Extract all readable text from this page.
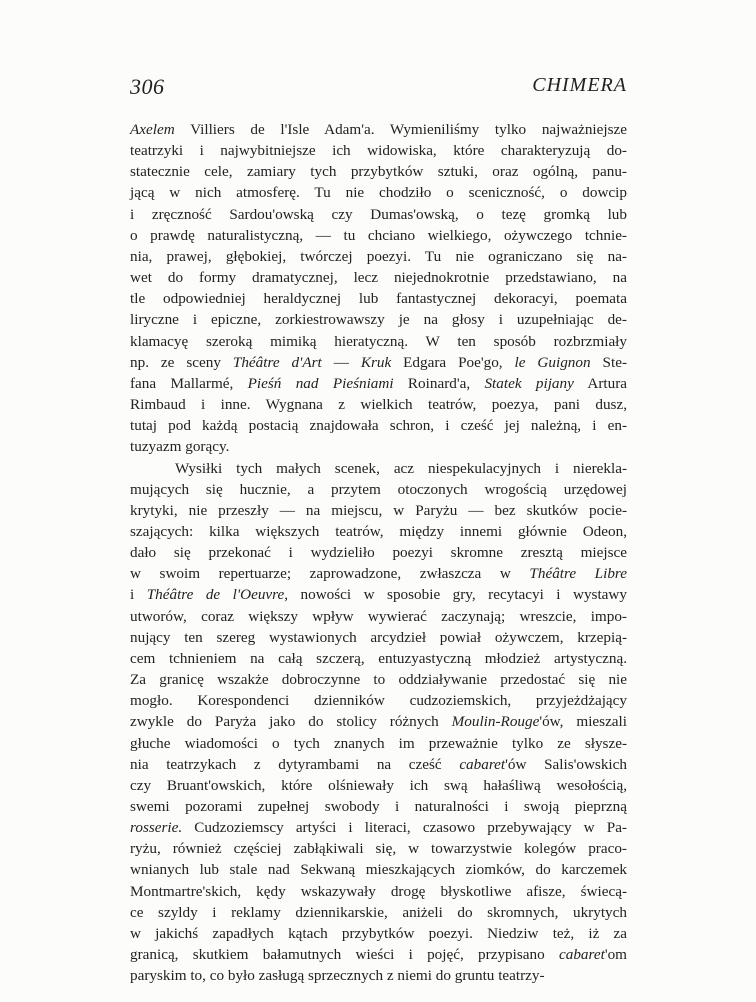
306	CHIMERA
Axelem Villiers de l'Isle Adam'a. Wymieniliśmy tylko najważniejsze
teatrzyki i najwybitniejsze ich widowiska, które charakteryzują do-
statecznie cele, zamiary tych przybytków sztuki, oraz ogólną, panu-
jącą w nich atmosferę. Tu nie chodziło o sceniczność, o dowcip
i zręczność Sardou'owską czy Dumas'owską, o tezę gromką lub
o prawdę naturalistyczną, — tu chciano wielkiego, ożywczego tchnie-
nia, prawej, głębokiej, twórczej poezyi. Tu nie ograniczano się na-
wet do formy dramatycznej, lecz niejednokrotnie przedstawiano, na
tle odpowiedniej heraldycznej lub fantastycznej dekoracyi, poemata
liryczne i epiczne, zorkiestrowawszy je na głosy i uzupełniając de-
klamacyę szeroką mimiką hieratyczną. W ten sposób rozbrzmiały
np. ze sceny Théâtre d'Art — Kruk Edgara Poe'go, le Guignon Ste-
fana Mallarmé, Pieśń nad Pieśniami Roinard'a, Statek pijany Artura
Rimbaud i inne. Wygnana z wielkich teatrów, poezya, pani dusz,
tutaj pod każdą postacią znajdowała schron, i cześć jej należną, i en-
tuzyazm gorący.
Wysiłki tych małych scenek, acz niespekulacyjnych i niereklа-
mujących się hucznie, a przytem otoczonych wrogością urzędowej
krytyki, nie przeszły — na miejscu, w Paryżu — bez skutków pocie-
szających: kilka większych teatrów, między innemi głównie Odeon,
dało się przekonać i wydzieliło poezyi skromne zresztą miejsce
w swoim repertuarze; zaprowadzone, zwłaszcza w Théâtre Libre
i Théâtre de l'Oeuvre, nowości w sposobie gry, recytacyi i wystawy
utworów, coraz większy wpływ wywierać zaczynają; wreszcie, impo-
nujący ten szereg wystawionych arcydzieł powiał ożywczem, krzepią-
cem tchnieniem na całą szczerą, entuzyastyczną młodzież artystyczną.
Za granicę wszakże dobroczynne to oddziaływanie przedostać się nie
mogło. Korespondenci dzienników cudzoziemskich, przyjeżdżający
zwykle do Paryża jako do stolicy różnych Moulin-Rouge'ów, mieszali
głuche wiadomości o tych znanych im przeważnie tylko ze słysze-
nia teatrzykach z dytyrambami na cześć cabaret'ów Salis'owskich
czy Bruant'owskich, które olśniewały ich swą hałaśliwą wesołością,
swemi pozorami zupełnej swobody i naturalności i swoją pieprzną
rosserie. Cudzoziemscy artyści i literaci, czasowo przebywający w Pa-
ryżu, również częściej zabłąkiwali się, w towarzystwie kolegów praco-
wnianych lub stale nad Sekwaną mieszkających ziomków, do karczemek
Montmartre'skich, kędy wskazywały drogę błyskotliwe afisze, świecą-
ce szyldy i reklamy dziennikarskie, aniżeli do skromnych, ukrytych
w jakichś zapadłych kątach przybytków poezyi. Niedziw też, iż za
granicą, skutkiem bałamutnych wieści i pojęć, przypisano cabaret'om
paryskim to, co było zasługą sprzecznych z niemi do gruntu teatrzy-
